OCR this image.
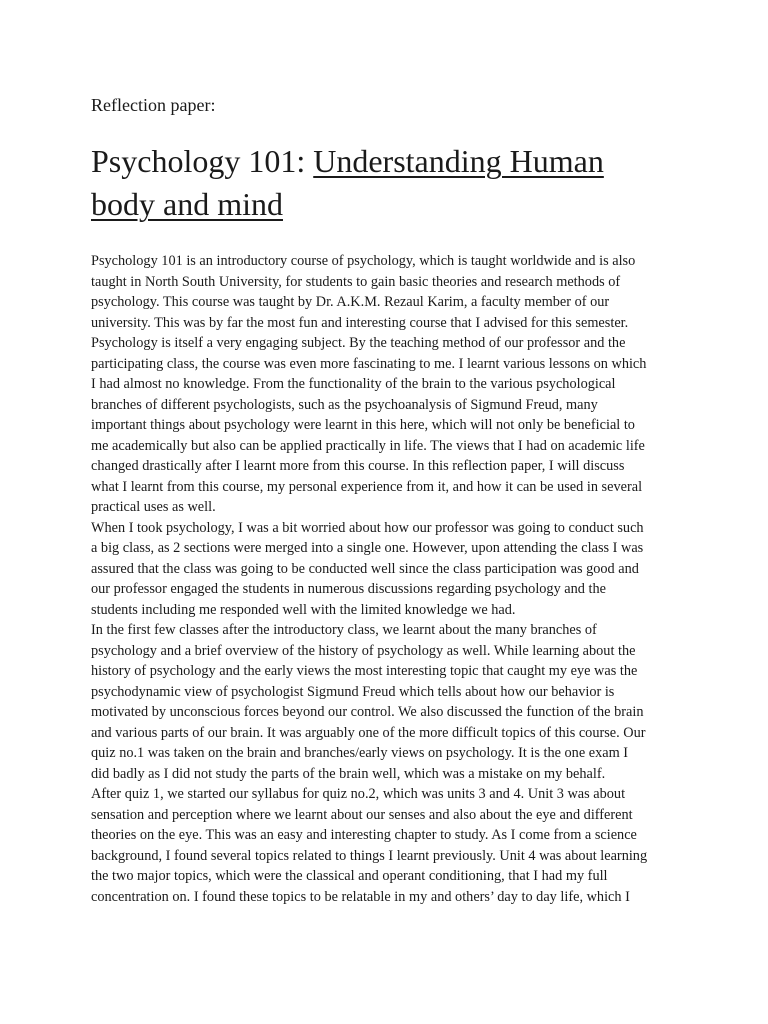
Reflection paper:
Psychology 101: Understanding Human
body and mind

Psychology 101 is an introductory course of psychology, which is taught worldwide and is also
taught in North South University, for students to gain basic theories and research methods of
psychology. This course was taught by Dr. A.K.M. Rezaul Karim, a faculty member of our
university. This was by far the most fun and interesting course that I advised for this semester.
Psychology is itself a very engaging subject. By the teaching method of our professor and the
participating class, the course was even more fascinating to me. I learnt various lessons on which
I had almost no knowledge. From the functionality of the brain to the various psychological
branches of different psychologists, such as the psychoanalysis of Sigmund Freud, many
important things about psychology were learnt in this here, which will not only be beneficial to
me academically but also can be applied practically in life. The views that I had on academic life
changed drastically after I learnt more from this course. In this reflection paper, I will discuss
what I learnt from this course, my personal experience from it, and how it can be used in several
practical uses as well.

When I took psychology, I was a bit worried about how our professor was going to conduct such
a big class, as 2 sections were merged into a single one. However, upon attending the class I was
assured that the class was going to be conducted well since the class participation was good and
our professor engaged the students in numerous discussions regarding psychology and the
students including me responded well with the limited knowledge we had.

In the first few classes after the introductory class, we learnt about the many branches of
psychology and a brief overview of the history of psychology as well. While learning about the
history of psychology and the early views the most interesting topic that caught my eye was the
psychodynamic view of psychologist Sigmund Freud which tells about how our behavior is
motivated by unconscious forces beyond our control. We also discussed the function of the brain
and various parts of our brain. It was arguably one of the more difficult topics of this course. Our
quiz no.1 was taken on the brain and branches/early views on psychology. It is the one exam I
did badly as I did not study the parts of the brain well, which was a mistake on my behalf.

After quiz 1, we started our syllabus for quiz no.2, which was units 3 and 4. Unit 3 was about
sensation and perception where we learnt about our senses and also about the eye and different
theories on the eye. This was an easy and interesting chapter to study. As I come from a science
background, I found several topics related to things I learnt previously. Unit 4 was about learning
the two major topics, which were the classical and operant conditioning, that I had my full
concentration on. I found these topics to be relatable in my and others’ day to day life, which I
